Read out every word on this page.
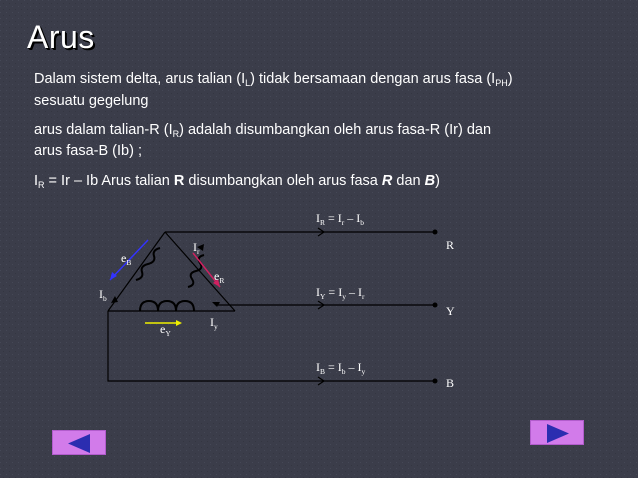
Arus
Dalam sistem delta, arus talian $(I_L)$ tidak bersamaan dengan arus fasa $(I_{PH})$
sesuatu gegelung
arus dalam talian-R $(I_R)$ adalah disumbangkan oleh arus fasa-R (Ir) dan
arus fasa-B (Ib) ;
$I_R = Ir - Ib$ Arus talian R disumbangkan oleh arus fasa R dan B)
$I_R = I_r - I_b$
$I_Y = I_y - I_r$
$I_B = I_b - I_y$
R
Y
B
$e_B$
$e_R$
$e_Y$
$I_r$
$I_b$
$I_y$
